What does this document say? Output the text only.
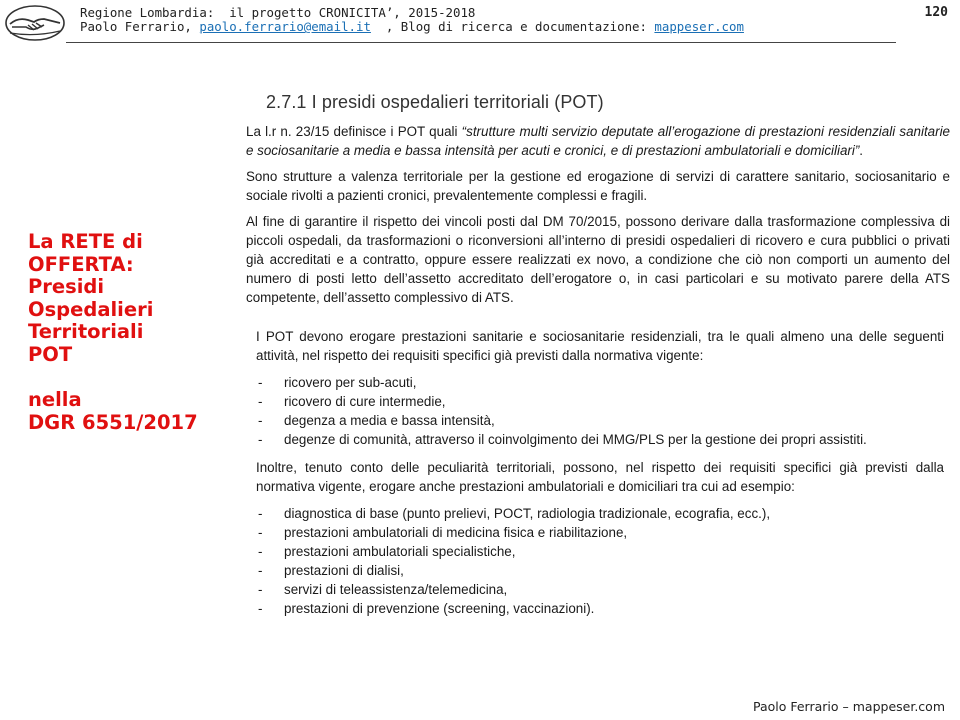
Regione Lombardia:  il progetto CRONICITA’, 2015-2018
Paolo Ferrario, paolo.ferrario@email.it  , Blog di ricerca e documentazione: mappeser.com
120
La RETE di
OFFERTA:
Presidi
Ospedalieri
Territoriali
POT
nella
DGR 6551/2017
2.7.1 I presidi ospedalieri territoriali (POT)

La l.r n. 23/15 definisce i POT quali “strutture multi servizio deputate all’erogazione di prestazioni residenziali sanitarie e sociosanitarie a media e bassa intensità per acuti e cronici, e di prestazioni ambulatoriali e domiciliari”.

Sono strutture a valenza territoriale per la gestione ed erogazione di servizi di carattere sanitario, sociosanitario e sociale rivolti a pazienti cronici, prevalentemente complessi e fragili.

Al fine di garantire il rispetto dei vincoli posti dal DM 70/2015, possono derivare dalla trasformazione complessiva di piccoli ospedali, da trasformazioni o riconversioni all’interno di presidi ospedalieri di ricovero e cura pubblici o privati già accreditati e a contratto, oppure essere realizzati ex novo, a condizione che ciò non comporti un aumento del numero di posti letto dell’assetto accreditato dell’erogatore o, in casi particolari e su motivato parere della ATS competente, dell’assetto complessivo di ATS.

I POT devono erogare prestazioni sanitarie e sociosanitarie residenziali, tra le quali almeno una delle seguenti attività, nel rispetto dei requisiti specifici già previsti dalla normativa vigente:

- ricovero per sub-acuti,
- ricovero di cure intermedie,
- degenza a media e bassa intensità,
- degenze di comunità, attraverso il coinvolgimento dei MMG/PLS per la gestione dei propri assistiti.

Inoltre, tenuto conto delle peculiarità territoriali, possono, nel rispetto dei requisiti specifici già previsti dalla normativa vigente, erogare anche prestazioni ambulatoriali e domiciliari tra cui ad esempio:

- diagnostica di base (punto prelievi, POCT, radiologia tradizionale, ecografia, ecc.),
- prestazioni ambulatoriali di medicina fisica e riabilitazione,
- prestazioni ambulatoriali specialistiche,
- prestazioni di dialisi,
- servizi di teleassistenza/telemedicina,
- prestazioni di prevenzione (screening, vaccinazioni).
Paolo Ferrario – mappeser.com
